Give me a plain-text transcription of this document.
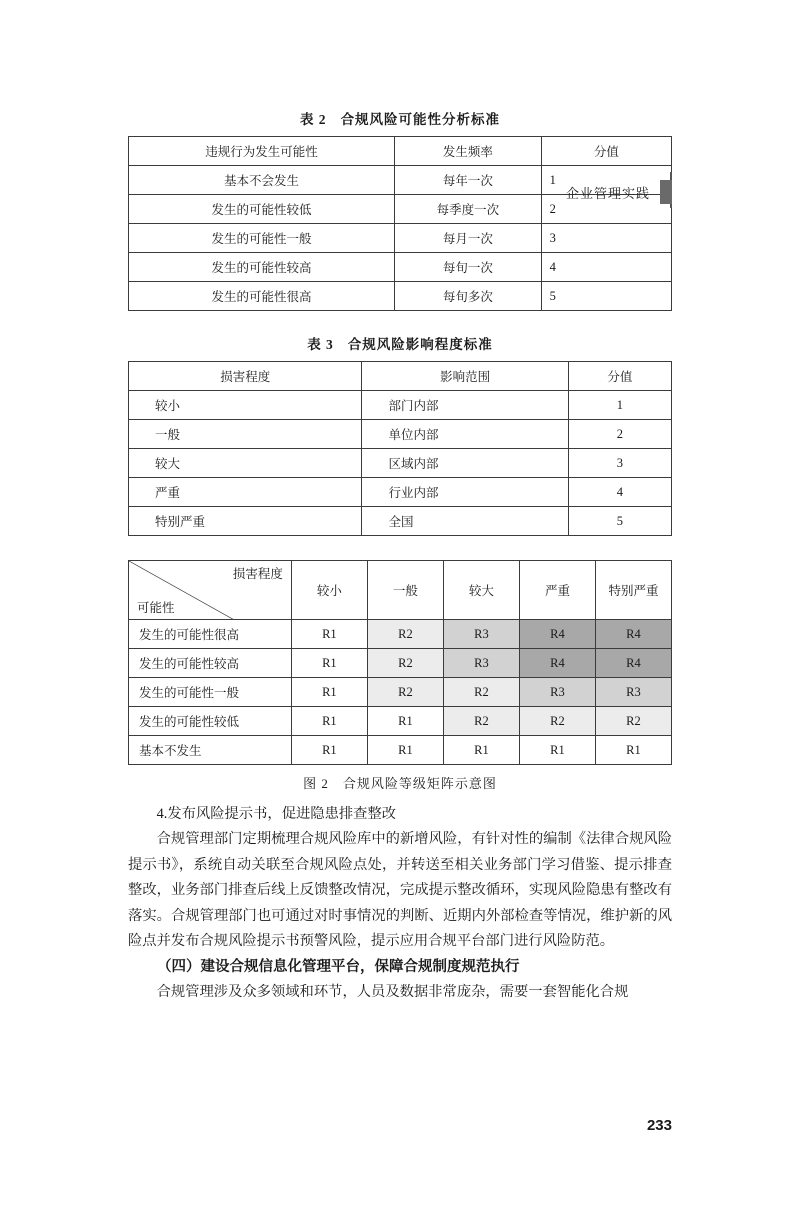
企业管理实践
表 2 合规风险可能性分析标准
违规行为发生可能性	发生频率	分值
基本不会发生	每年一次	1
发生的可能性较低	每季度一次	2
发生的可能性一般	每月一次	3
发生的可能性较高	每旬一次	4
发生的可能性很高	每旬多次	5
表 3 合规风险影响程度标准
损害程度	影响范围	分值
较小	部门内部	1
一般	单位内部	2
较大	区域内部	3
严重	行业内部	4
特别严重	全国	5
损害程度
可能性	较小	一般	较大	严重	特别严重
发生的可能性很高	R1	R2	R3	R4	R4
发生的可能性较高	R1	R2	R3	R4	R4
发生的可能性一般	R1	R2	R2	R3	R3
发生的可能性较低	R1	R1	R2	R2	R2
基本不发生	R1	R1	R1	R1	R1
图 2 合规风险等级矩阵示意图

4.发布风险提示书，促进隐患排查整改

合规管理部门定期梳理合规风险库中的新增风险，有针对性的编制《法律合规风险提示书》，系统自动关联至合规风险点处，并转送至相关业务部门学习借鉴、提示排查整改，业务部门排查后线上反馈整改情况，完成提示整改循环，实现风险隐患有整改有落实。合规管理部门也可通过对时事情况的判断、近期内外部检查等情况，维护新的风险点并发布合规风险提示书预警风险，提示应用合规平台部门进行风险防范。

（四）建设合规信息化管理平台，保障合规制度规范执行

合规管理涉及众多领域和环节，人员及数据非常庞杂，需要一套智能化合规

233
